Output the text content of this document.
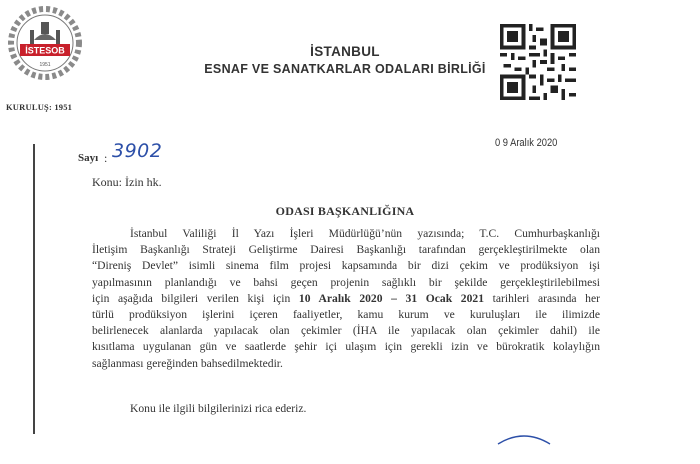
İSTESOB
1951
KURULUŞ: 1951
İSTANBUL
ESNAF VE SANATKARLAR ODALARI BİRLİĞİ
Sayı : 3902	0 9 Aralık 2020
Konu: İzin hk.
ODASI BAŞKANLIĞINA
İstanbul Valiliği İl Yazı İşleri Müdürlüğü’nün yazısında; T.C. Cumhurbaşkanlığı
İletişim Başkanlığı Strateji Geliştirme Dairesi Başkanlığı tarafından gerçekleştirilmekte olan
“Direniş Devlet” isimli sinema film projesi kapsamında bir dizi çekim ve prodüksiyon işi
yapılmasının planlandığı ve bahsi geçen projenin sağlıklı bir şekilde gerçekleştirilebilmesi
için aşağıda bilgileri verilen kişi için 10 Aralık 2020 – 31 Ocak 2021 tarihleri arasında her
türlü prodüksiyon işlerini içeren faaliyetler, kamu kurum ve kuruluşları ile ilimizde
belirlenecek alanlarda yapılacak olan çekimler (İHA ile yapılacak olan çekimler dahil) ile
kısıtlama uygulanan gün ve saatlerde şehir içi ulaşım için gerekli izin ve bürokratik kolaylığın
sağlanması gereğinden bahsedilmektedir.
Konu ile ilgili bilgilerinizi rica ederiz.
